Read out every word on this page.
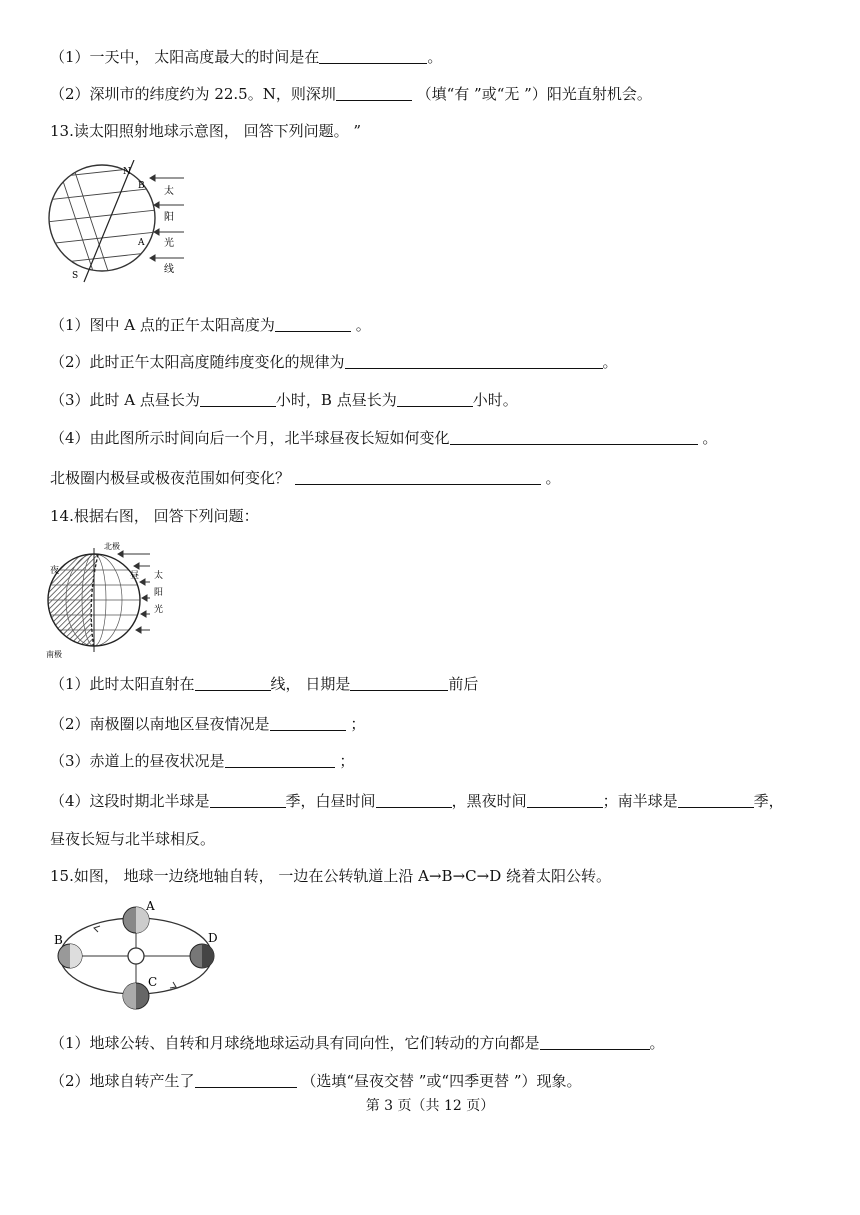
（1）一天中， 太阳高度最大的时间是在	。
（2）深圳市的纬度约为 22.5。N，则深圳	（填“有 ”或“无 ”）阳光直射机会。
13.读太阳照射地球示意图， 回答下列问题。 ”
N
S
B
A
太
阳
光
线
（1）图中 A 点的正午太阳高度为	。
（2）此时正午太阳高度随纬度变化的规律为	。
（3）此时 A 点昼长为	小时，B 点昼长为	小时。
（4）由此图所示时间向后一个月，北半球昼夜长短如何变化	。
北极圈内极昼或极夜范围如何变化？	。
14.根据右图， 回答下列问题：
北极
南极
夜	昼 太
阳
光
（1）此时太阳直射在	线， 日期是	前后
（2）南极圈以南地区昼夜情况是	；
（3）赤道上的昼夜状况是	；
（4）这段时期北半球是	季，白昼时间	，黑夜时间	；南半球是	季，
昼夜长短与北半球相反。
15.如图， 地球一边绕地轴自转， 一边在公转轨道上沿 A→B→C→D 绕着太阳公转。
A
B
C
D
（1）地球公转、自转和月球绕地球运动具有同向性，它们转动的方向都是	。
（2）地球自转产生了	（选填“昼夜交替 ”或“四季更替 ”）现象。
第 3 页（共 12 页）
